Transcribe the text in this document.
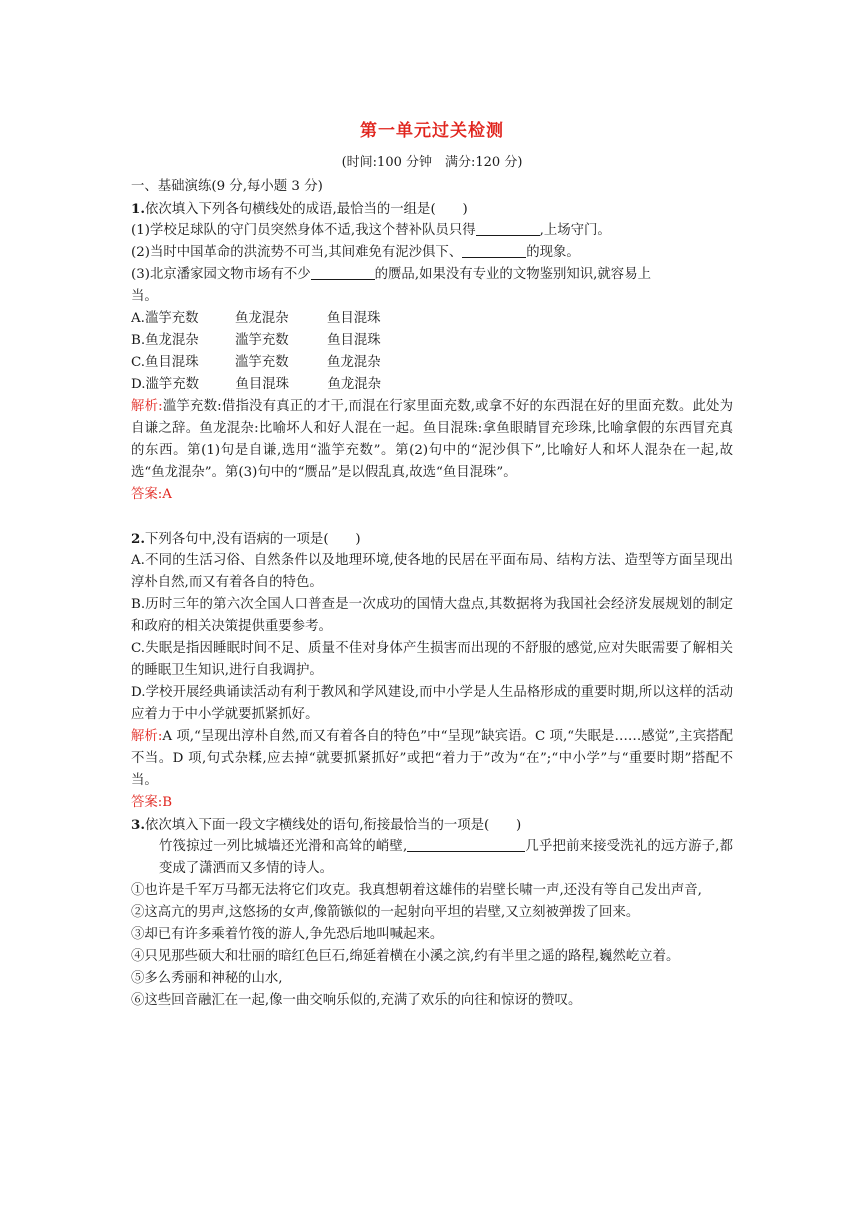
第一单元过关检测
(时间:100 分钟　满分:120 分)
一、基础演练(9 分,每小题 3 分)
1.依次填入下列各句横线处的成语,最恰当的一组是(　　)
(1)学校足球队的守门员突然身体不适,我这个替补队员只得	,上场守门。
(2)当时中国革命的洪流势不可当,其间难免有泥沙俱下、	的现象。
(3)北京潘家园文物市场有不少	的赝品,如果没有专业的文物鉴别知识,就容易上
当。
A.滥竽充数	鱼龙混杂	鱼目混珠
B.鱼龙混杂	滥竽充数	鱼目混珠
C.鱼目混珠	滥竽充数	鱼龙混杂
D.滥竽充数	鱼目混珠	鱼龙混杂
解析:滥竽充数:借指没有真正的才干,而混在行家里面充数,或拿不好的东西混在好的里面充数。此处为自谦之辞。鱼龙混杂:比喻坏人和好人混在一起。鱼目混珠:拿鱼眼睛冒充珍珠,比喻拿假的东西冒充真的东西。第(1)句是自谦,选用“滥竽充数”。第(2)句中的“泥沙俱下”,比喻好人和坏人混杂在一起,故选“鱼龙混杂”。第(3)句中的“赝品”是以假乱真,故选“鱼目混珠”。
答案:A
2.下列各句中,没有语病的一项是(　　)
A.不同的生活习俗、自然条件以及地理环境,使各地的民居在平面布局、结构方法、造型等方面呈现出淳朴自然,而又有着各自的特色。
B.历时三年的第六次全国人口普查是一次成功的国情大盘点,其数据将为我国社会经济发展规划的制定和政府的相关决策提供重要参考。
C.失眠是指因睡眠时间不足、质量不佳对身体产生损害而出现的不舒服的感觉,应对失眠需要了解相关的睡眠卫生知识,进行自我调护。
D.学校开展经典诵读活动有利于教风和学风建设,而中小学是人生品格形成的重要时期,所以这样的活动应着力于中小学就要抓紧抓好。
解析:A 项,“呈现出淳朴自然,而又有着各自的特色”中“呈现”缺宾语。C 项,“失眠是……感觉”,主宾搭配不当。D 项,句式杂糅,应去掉“就要抓紧抓好”或把“着力于”改为“在”;“中小学”与“重要时期”搭配不当。
答案:B
3.依次填入下面一段文字横线处的语句,衔接最恰当的一项是(　　)
竹筏掠过一列比城墙还光滑和高耸的峭壁,	几乎把前来接受洗礼的远方游子,都变成了潇洒而又多情的诗人。
①也许是千军万马都无法将它们攻克。我真想朝着这雄伟的岩壁长啸一声,还没有等自己发出声音,
②这高亢的男声,这悠扬的女声,像箭镞似的一起射向平坦的岩壁,又立刻被弹拨了回来。
③却已有许多乘着竹筏的游人,争先恐后地叫喊起来。
④只见那些硕大和壮丽的暗红色巨石,绵延着横在小溪之滨,约有半里之遥的路程,巍然屹立着。
⑤多么秀丽和神秘的山水,
⑥这些回音融汇在一起,像一曲交响乐似的,充满了欢乐的向往和惊讶的赞叹。
